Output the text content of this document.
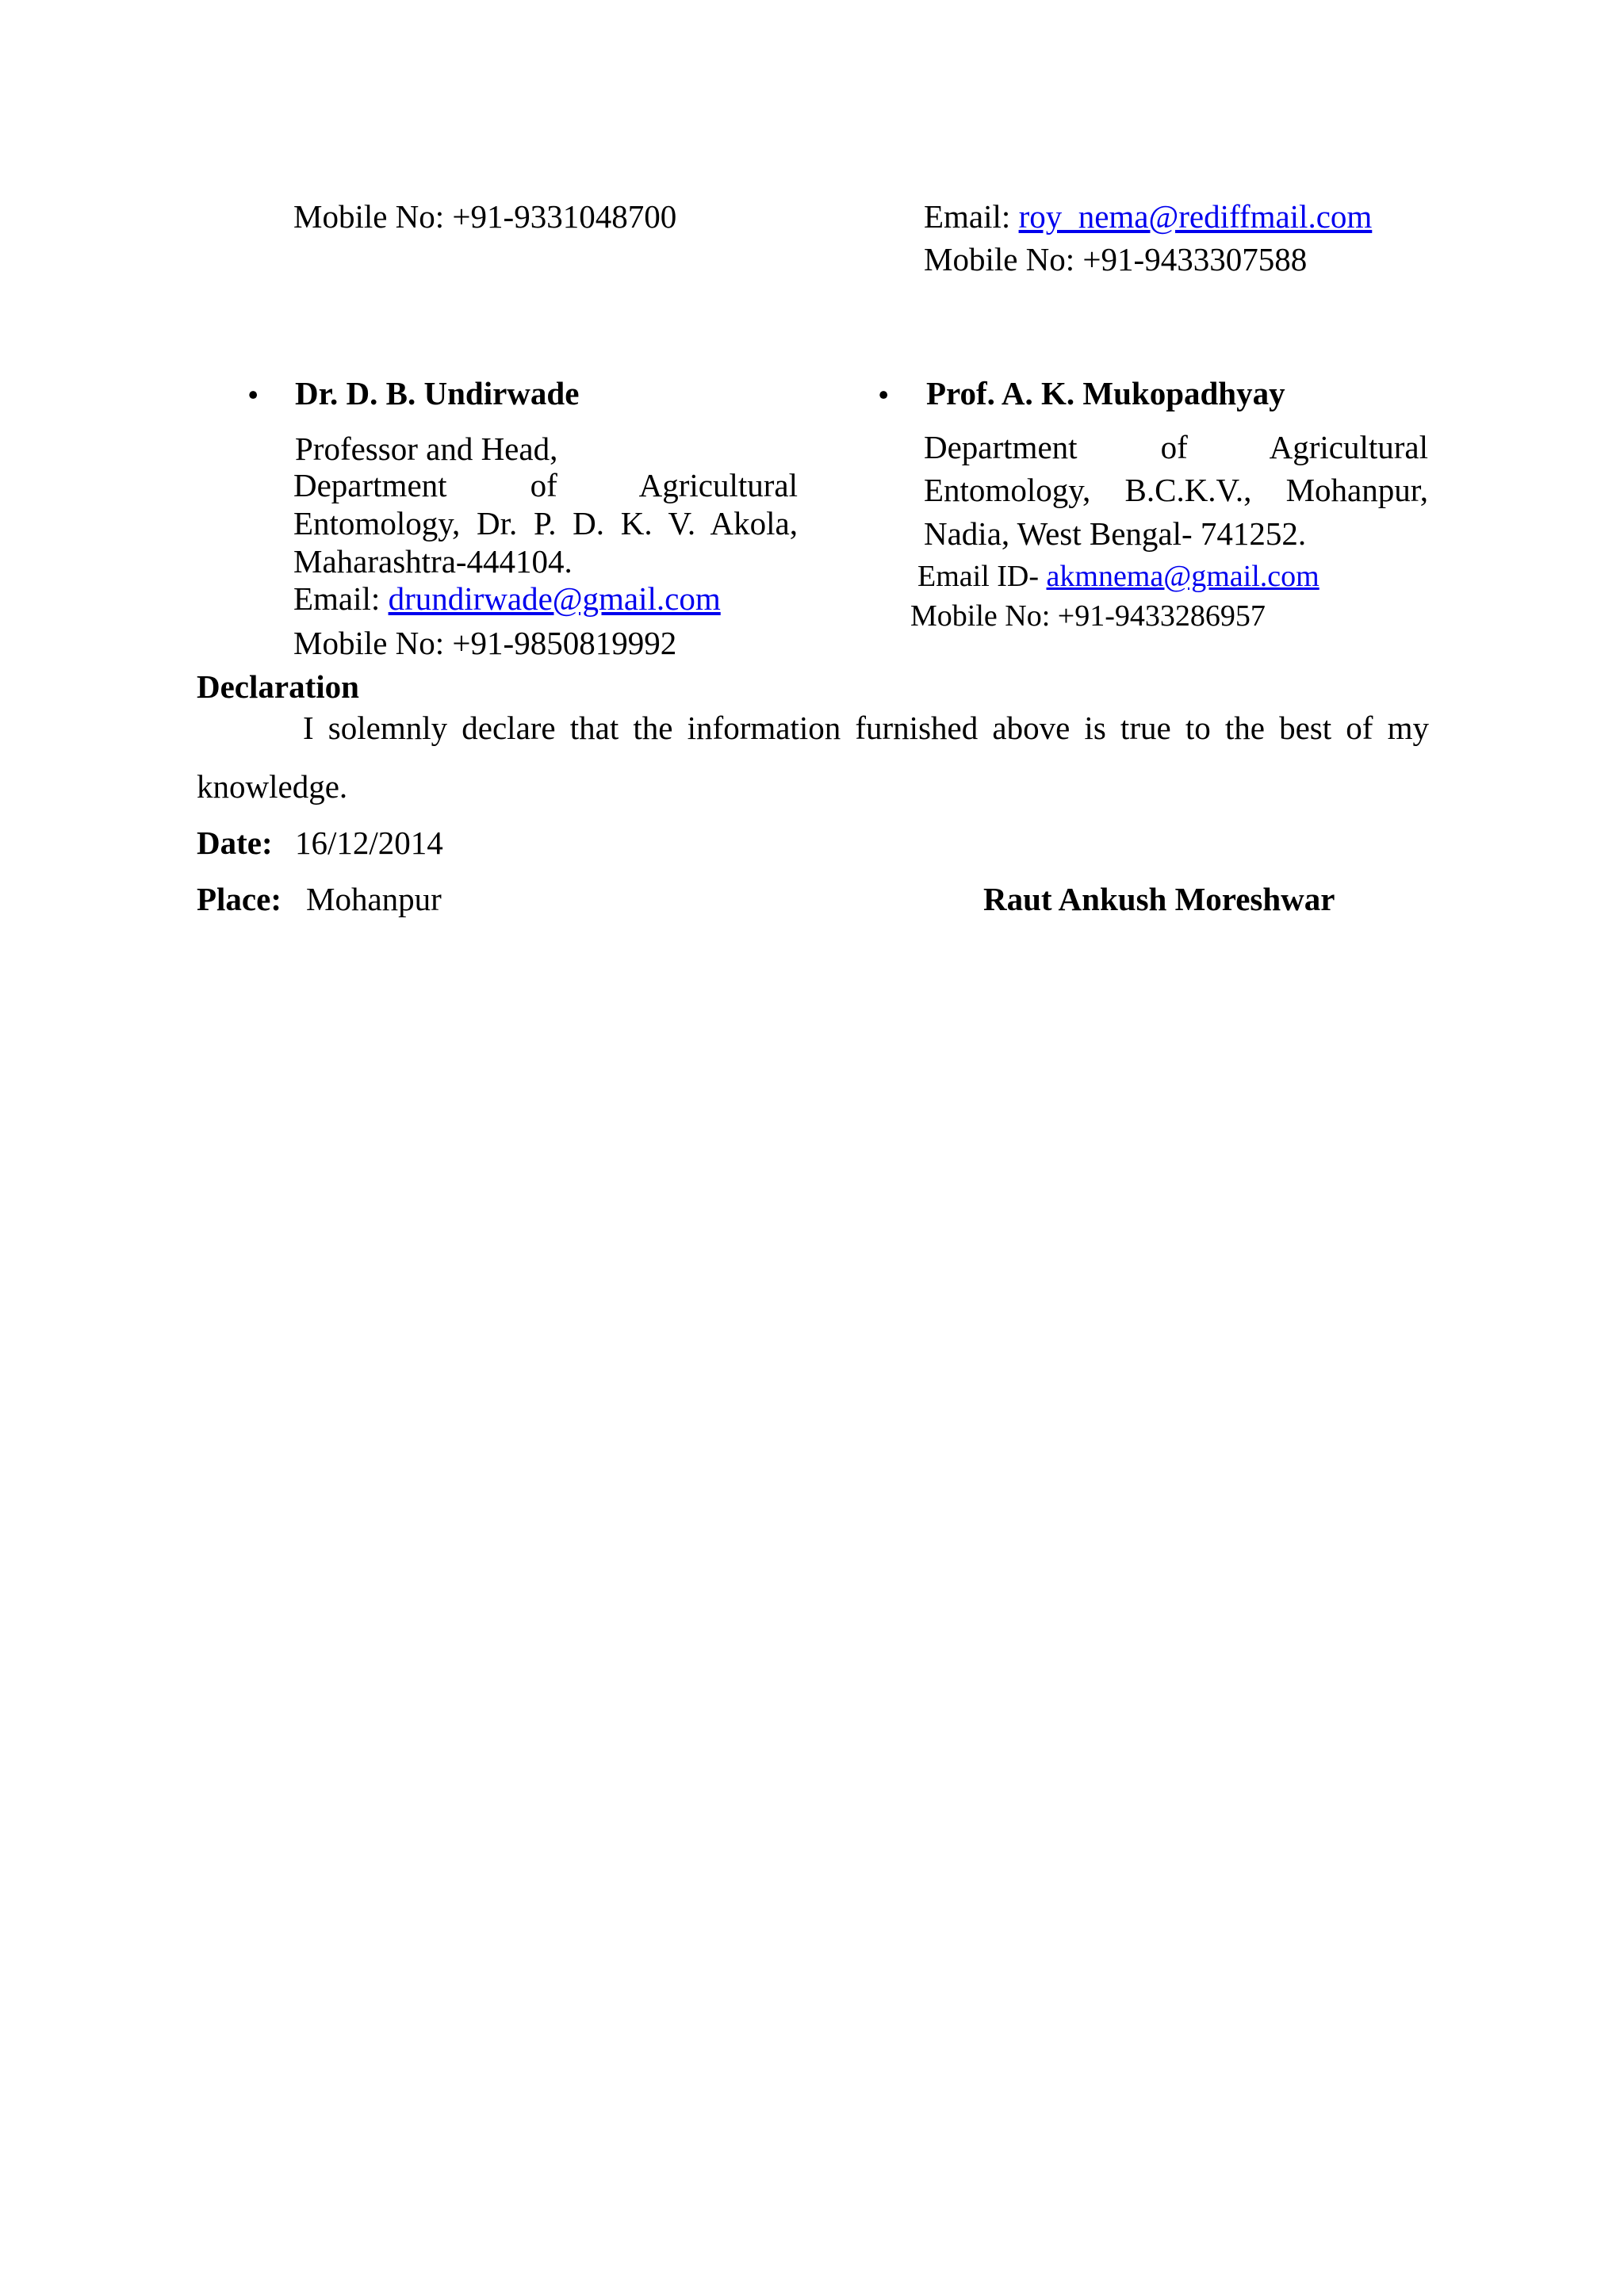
Mobile No: +91-9331048700	Email: roy_nema@rediffmail.com
Mobile No: +91-9433307588
• Dr. D. B. Undirwade
Professor and Head,
Department of Agricultural
Entomology, Dr. P. D. K. V. Akola,
Maharashtra-444104.
Email: drundirwade@gmail.com
Mobile No: +91-9850819992
• Prof. A. K. Mukopadhyay
Department of Agricultural
Entomology, B.C.K.V., Mohanpur,
Nadia, West Bengal- 741252.
Email ID- akmnema@gmail.com
Mobile No: +91-9433286957
Declaration
I solemnly declare that the information furnished above is true to the best of my
knowledge.
Date: 16/12/2014
Place: Mohanpur	Raut Ankush Moreshwar
